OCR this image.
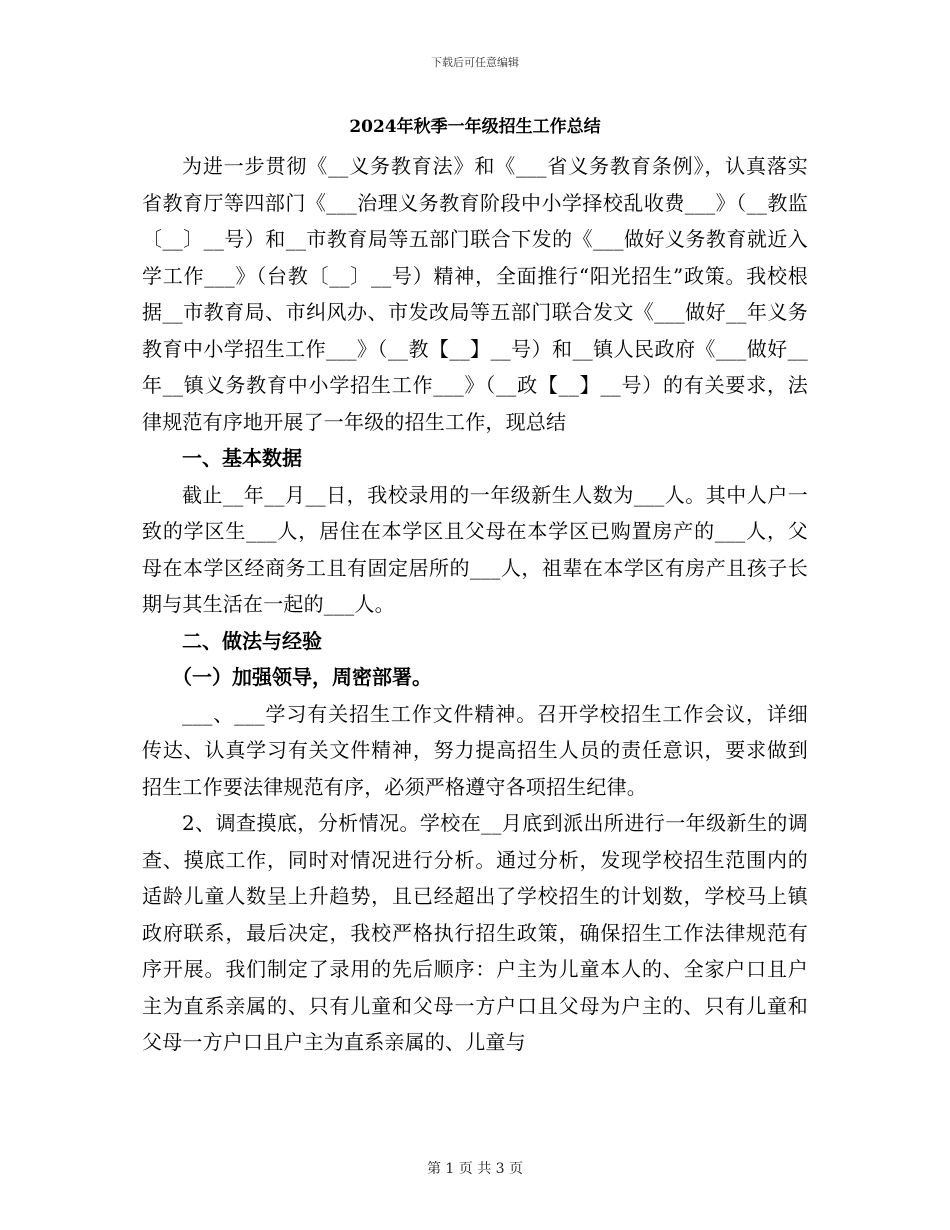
下载后可任意编辑
2024年秋季一年级招生工作总结

为进一步贯彻《__义务教育法》和《___省义务教育条例》，认真落实省教育厅等四部门《___治理义务教育阶段中小学择校乱收费___》（__教监〔__〕__号）和__市教育局等五部门联合下发的《___做好义务教育就近入学工作___》（台教〔__〕__号）精神，全面推行“阳光招生”政策。我校根据__市教育局、市纠风办、市发改局等五部门联合发文《___做好__年义务教育中小学招生工作___》（__教【__】__号）和__镇人民政府《___做好__年__镇义务教育中小学招生工作___》（__政【__】__号）的有关要求，法律规范有序地开展了一年级的招生工作，现总结

一、基本数据

截止__年__月__日，我校录用的一年级新生人数为___人。其中人户一致的学区生___人，居住在本学区且父母在本学区已购置房产的___人，父母在本学区经商务工且有固定居所的___人，祖辈在本学区有房产且孩子长期与其生活在一起的___人。

二、做法与经验

（一）加强领导，周密部署。

___、___学习有关招生工作文件精神。召开学校招生工作会议，详细传达、认真学习有关文件精神，努力提高招生人员的责任意识，要求做到招生工作要法律规范有序，必须严格遵守各项招生纪律。

2、调查摸底，分析情况。学校在__月底到派出所进行一年级新生的调查、摸底工作，同时对情况进行分析。通过分析，发现学校招生范围内的适龄儿童人数呈上升趋势，且已经超出了学校招生的计划数，学校马上镇政府联系，最后决定，我校严格执行招生政策，确保招生工作法律规范有序开展。我们制定了录用的先后顺序：户主为儿童本人的、全家户口且户主为直系亲属的、只有儿童和父母一方户口且父母为户主的、只有儿童和父母一方户口且户主为直系亲属的、儿童与

第 1 页 共 3 页
